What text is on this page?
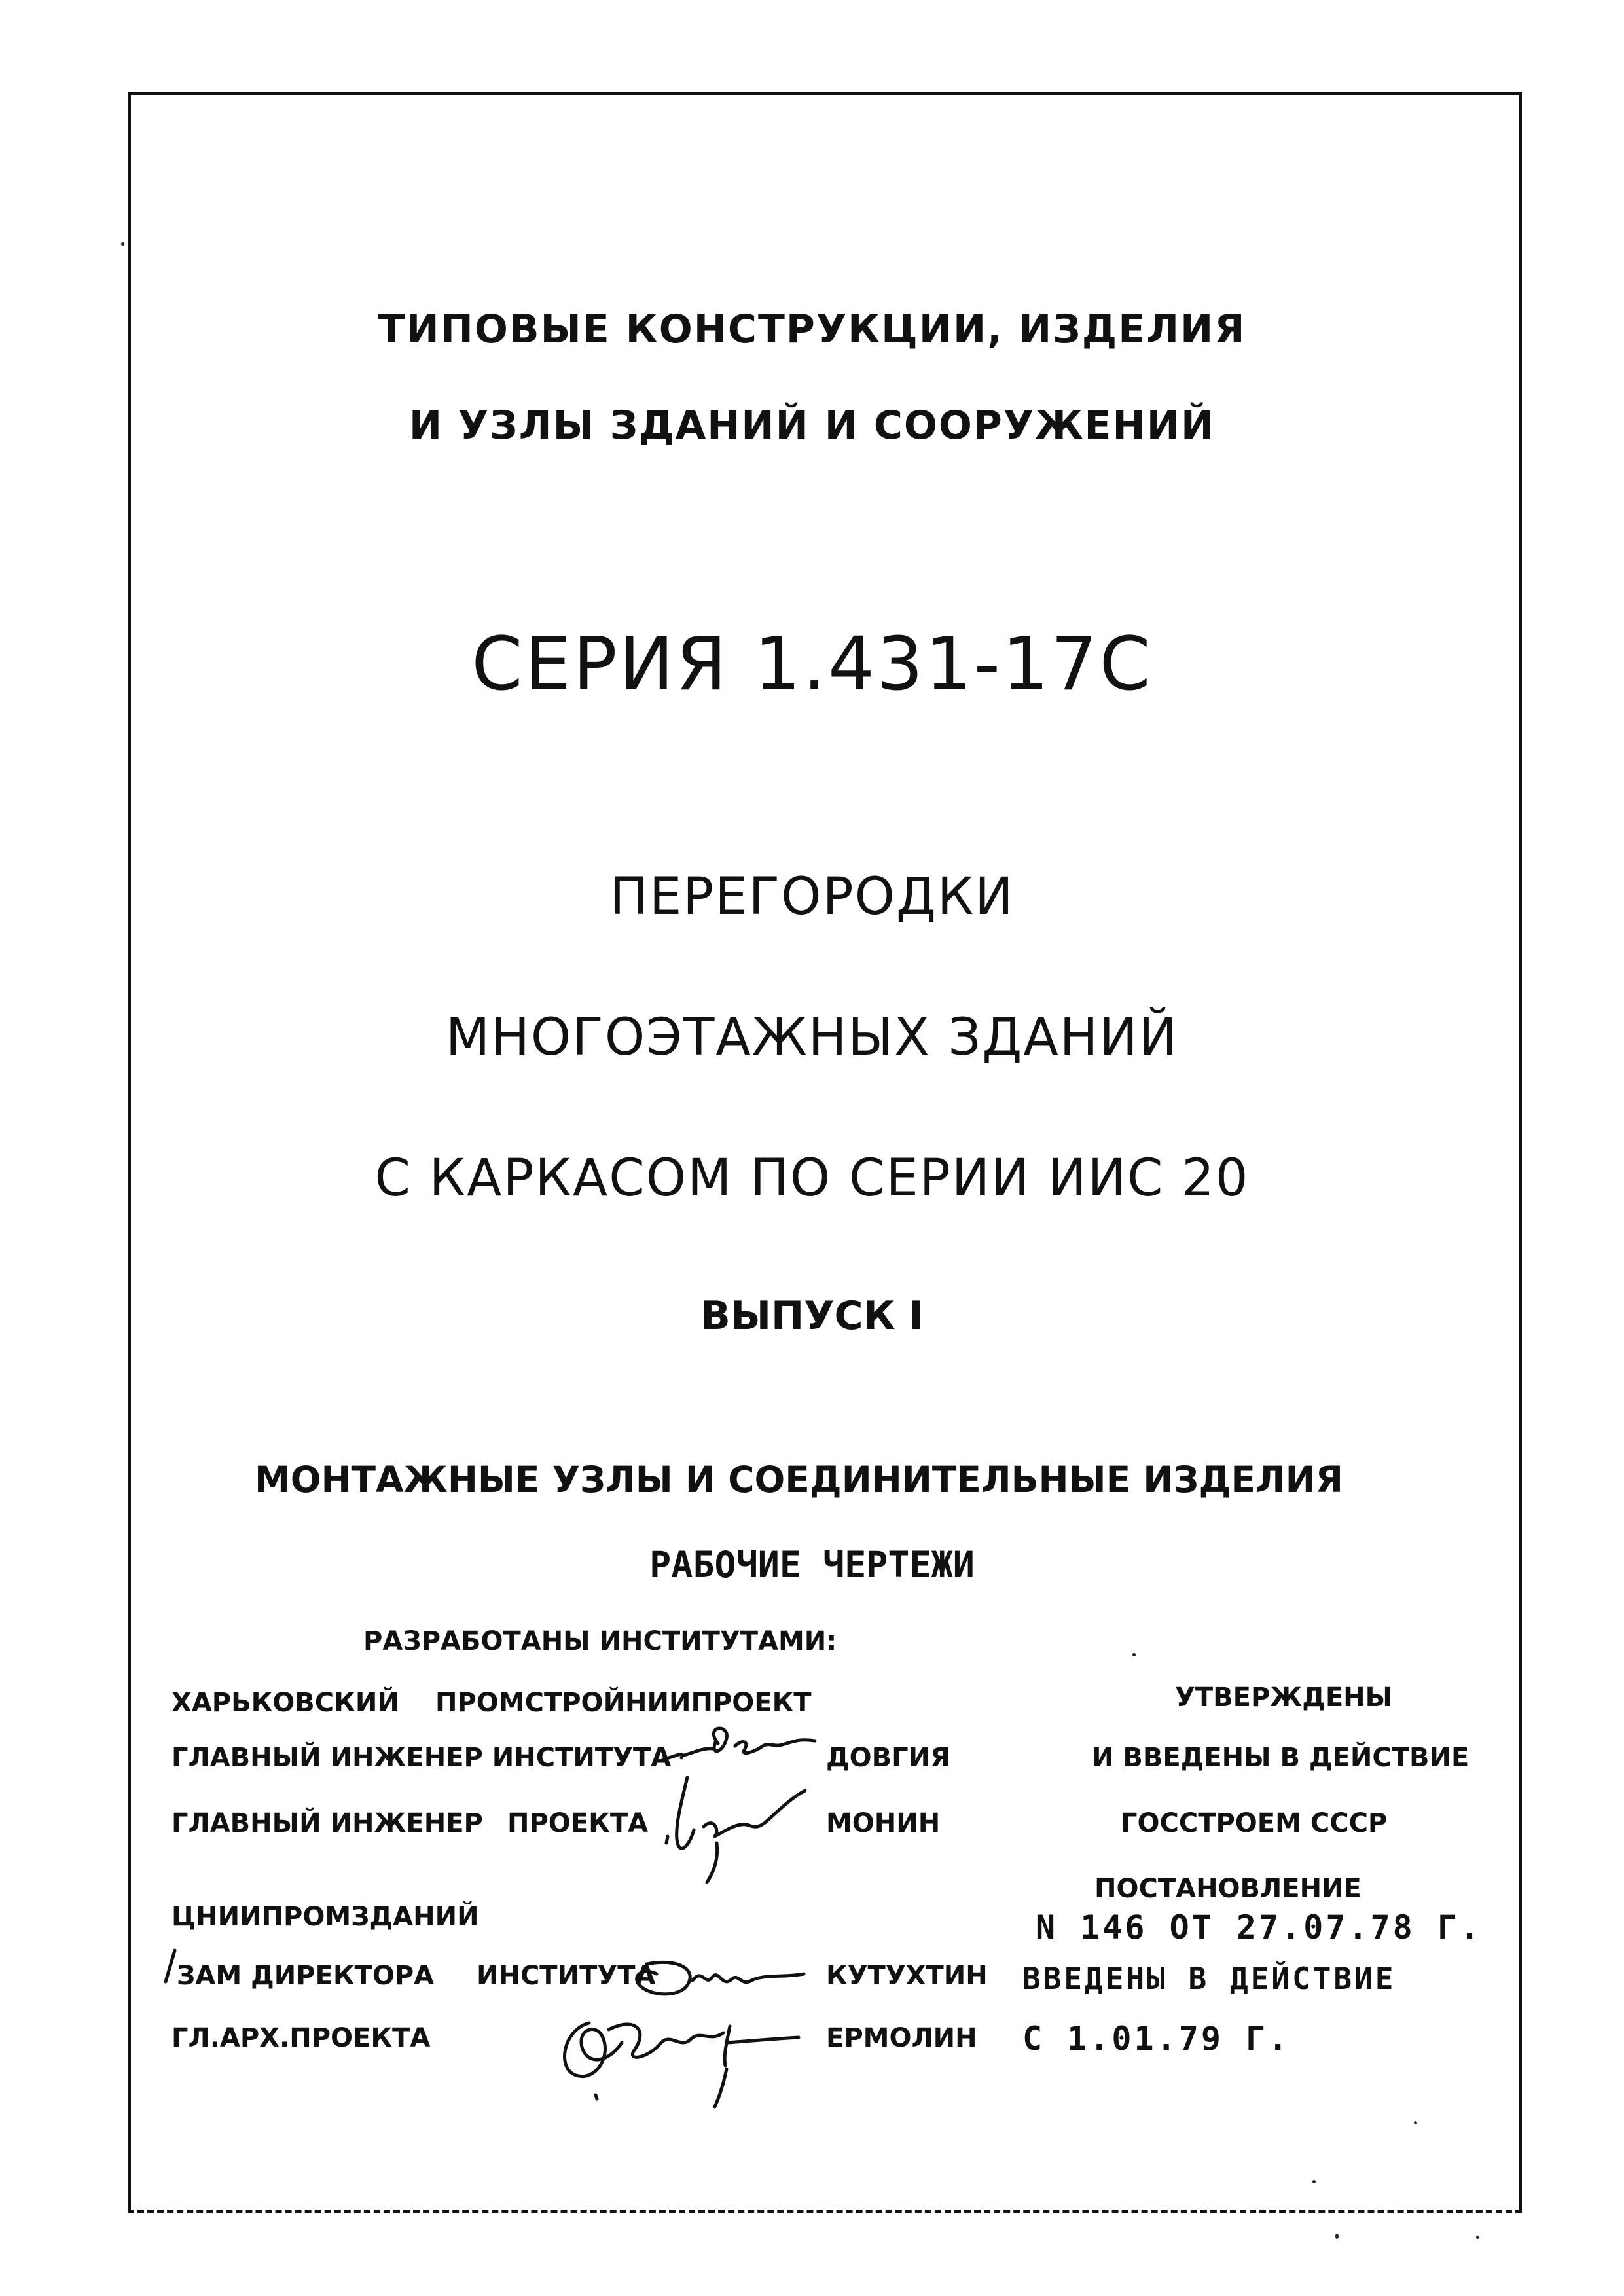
ТИПОВЫЕ КОНСТРУКЦИИ, ИЗДЕЛИЯ
И УЗЛЫ ЗДАНИЙ И СООРУЖЕНИЙ
СЕРИЯ 1.431-17С
ПЕРЕГОРОДКИ
МНОГОЭТАЖНЫХ ЗДАНИЙ
С КАРКАСОМ ПО СЕРИИ ИИС 20
ВЫПУСК I
МОНТАЖНЫЕ УЗЛЫ И СОЕДИНИТЕЛЬНЫЕ ИЗДЕЛИЯ
РАБОЧИЕ ЧЕРТЕЖИ
РАЗРАБОТАНЫ ИНСТИТУТАМИ:
ХАРЬКОВСКИЙ ПРОМСТРОЙНИИПРОЕКТ
ГЛАВНЫЙ ИНЖЕНЕР ИНСТИТУТА	ДОВГИЯ
ГЛАВНЫЙ ИНЖЕНЕР ПРОЕКТА	МОНИН
ЦНИИПРОМЗДАНИЙ
ЗАМ ДИРЕКТОРА ИНСТИТУТА	КУТУХТИН
ГЛ.АРХ.ПРОЕКТА	ЕРМОЛИН
УТВЕРЖДЕНЫ
И ВВЕДЕНЫ В ДЕЙСТВИЕ
ГОССТРОЕМ СССР
ПОСТАНОВЛЕНИЕ
N 146 ОТ 27.07.78 Г.
ВВЕДЕНЫ В ДЕЙСТВИЕ
С 1.01.79 Г.
